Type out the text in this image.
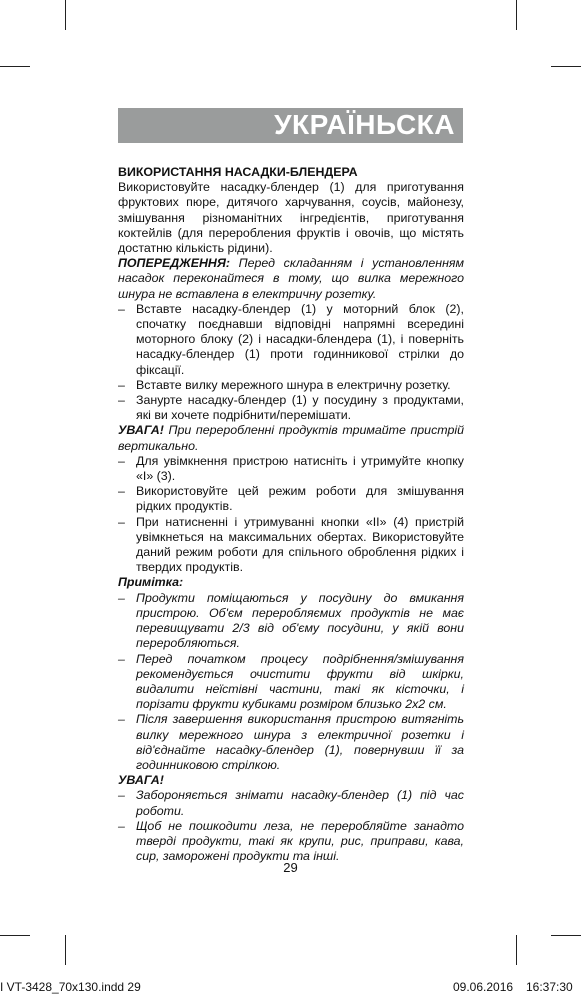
УКРАЇНЬСКА

ВИКОРИСТАННЯ НАСАДКИ-БЛЕНДЕРА

Використовуйте насадку-блендер (1) для приготування фруктових пюре, дитячого харчування, соусів, майонезу, змішування різноманітних інгредієнтів, приготування коктейлів (для переробления фруктів і овочів, що містять достатню кількість рідини).

ПОПЕРЕДЖЕННЯ: Перед складанням і установленням насадок переконайтеся в тому, що вилка мережного шнура не вставлена в електричну розетку.

– Вставте насадку-блендер (1) у моторний блок (2), спочатку поєднавши відповідні напрямні всередині моторного блоку (2) і насадки-блендера (1), і поверніть насадку-блендер (1) проти годинникової стрілки до фіксації.
– Вставте вилку мережного шнура в електричну розетку.
– Занурте насадку-блендер (1) у посудину з продуктами, які ви хочете подрібнити/перемішати.

УВАГА! При переробленні продуктів тримайте пристрій вертикально.

– Для увімкнення пристрою натисніть і утримуйте кнопку «I» (3).
– Використовуйте цей режим роботи для змішування рідких продуктів.
– При натисненні і утримуванні кнопки «II» (4) пристрій увімкнеться на максимальних обертах. Використовуйте даний режим роботи для спільного оброблення рідких і твердих продуктів.

Примітка:

– Продукти поміщаються у посудину до вмикання пристрою. Об'єм переробляємих продуктів не має перевищувати 2/3 від об'єму посудини, у якій вони переробляються.
– Перед початком процесу подрібнення/змішування рекомендується очистити фрукти від шкірки, видалити неїстівні частини, такі як кісточки, і порізати фрукти кубиками розміром близько 2х2 см.
– Після завершення використання пристрою витягніть вилку мережного шнура з електричної розетки і від'єднайте насадку-блендер (1), повернувши її за годинниковою стрілкою.

УВАГА!

– Забороняється знімати насадку-блендер (1) під час роботи.
– Щоб не пошкодити леза, не переробляйте занадто тверді продукти, такі як крупи, рис, приправи, кава, сир, заморожені продукти та інші.
29
I VT-3428_70x130.indd 29	09.06.2016 16:37:30
